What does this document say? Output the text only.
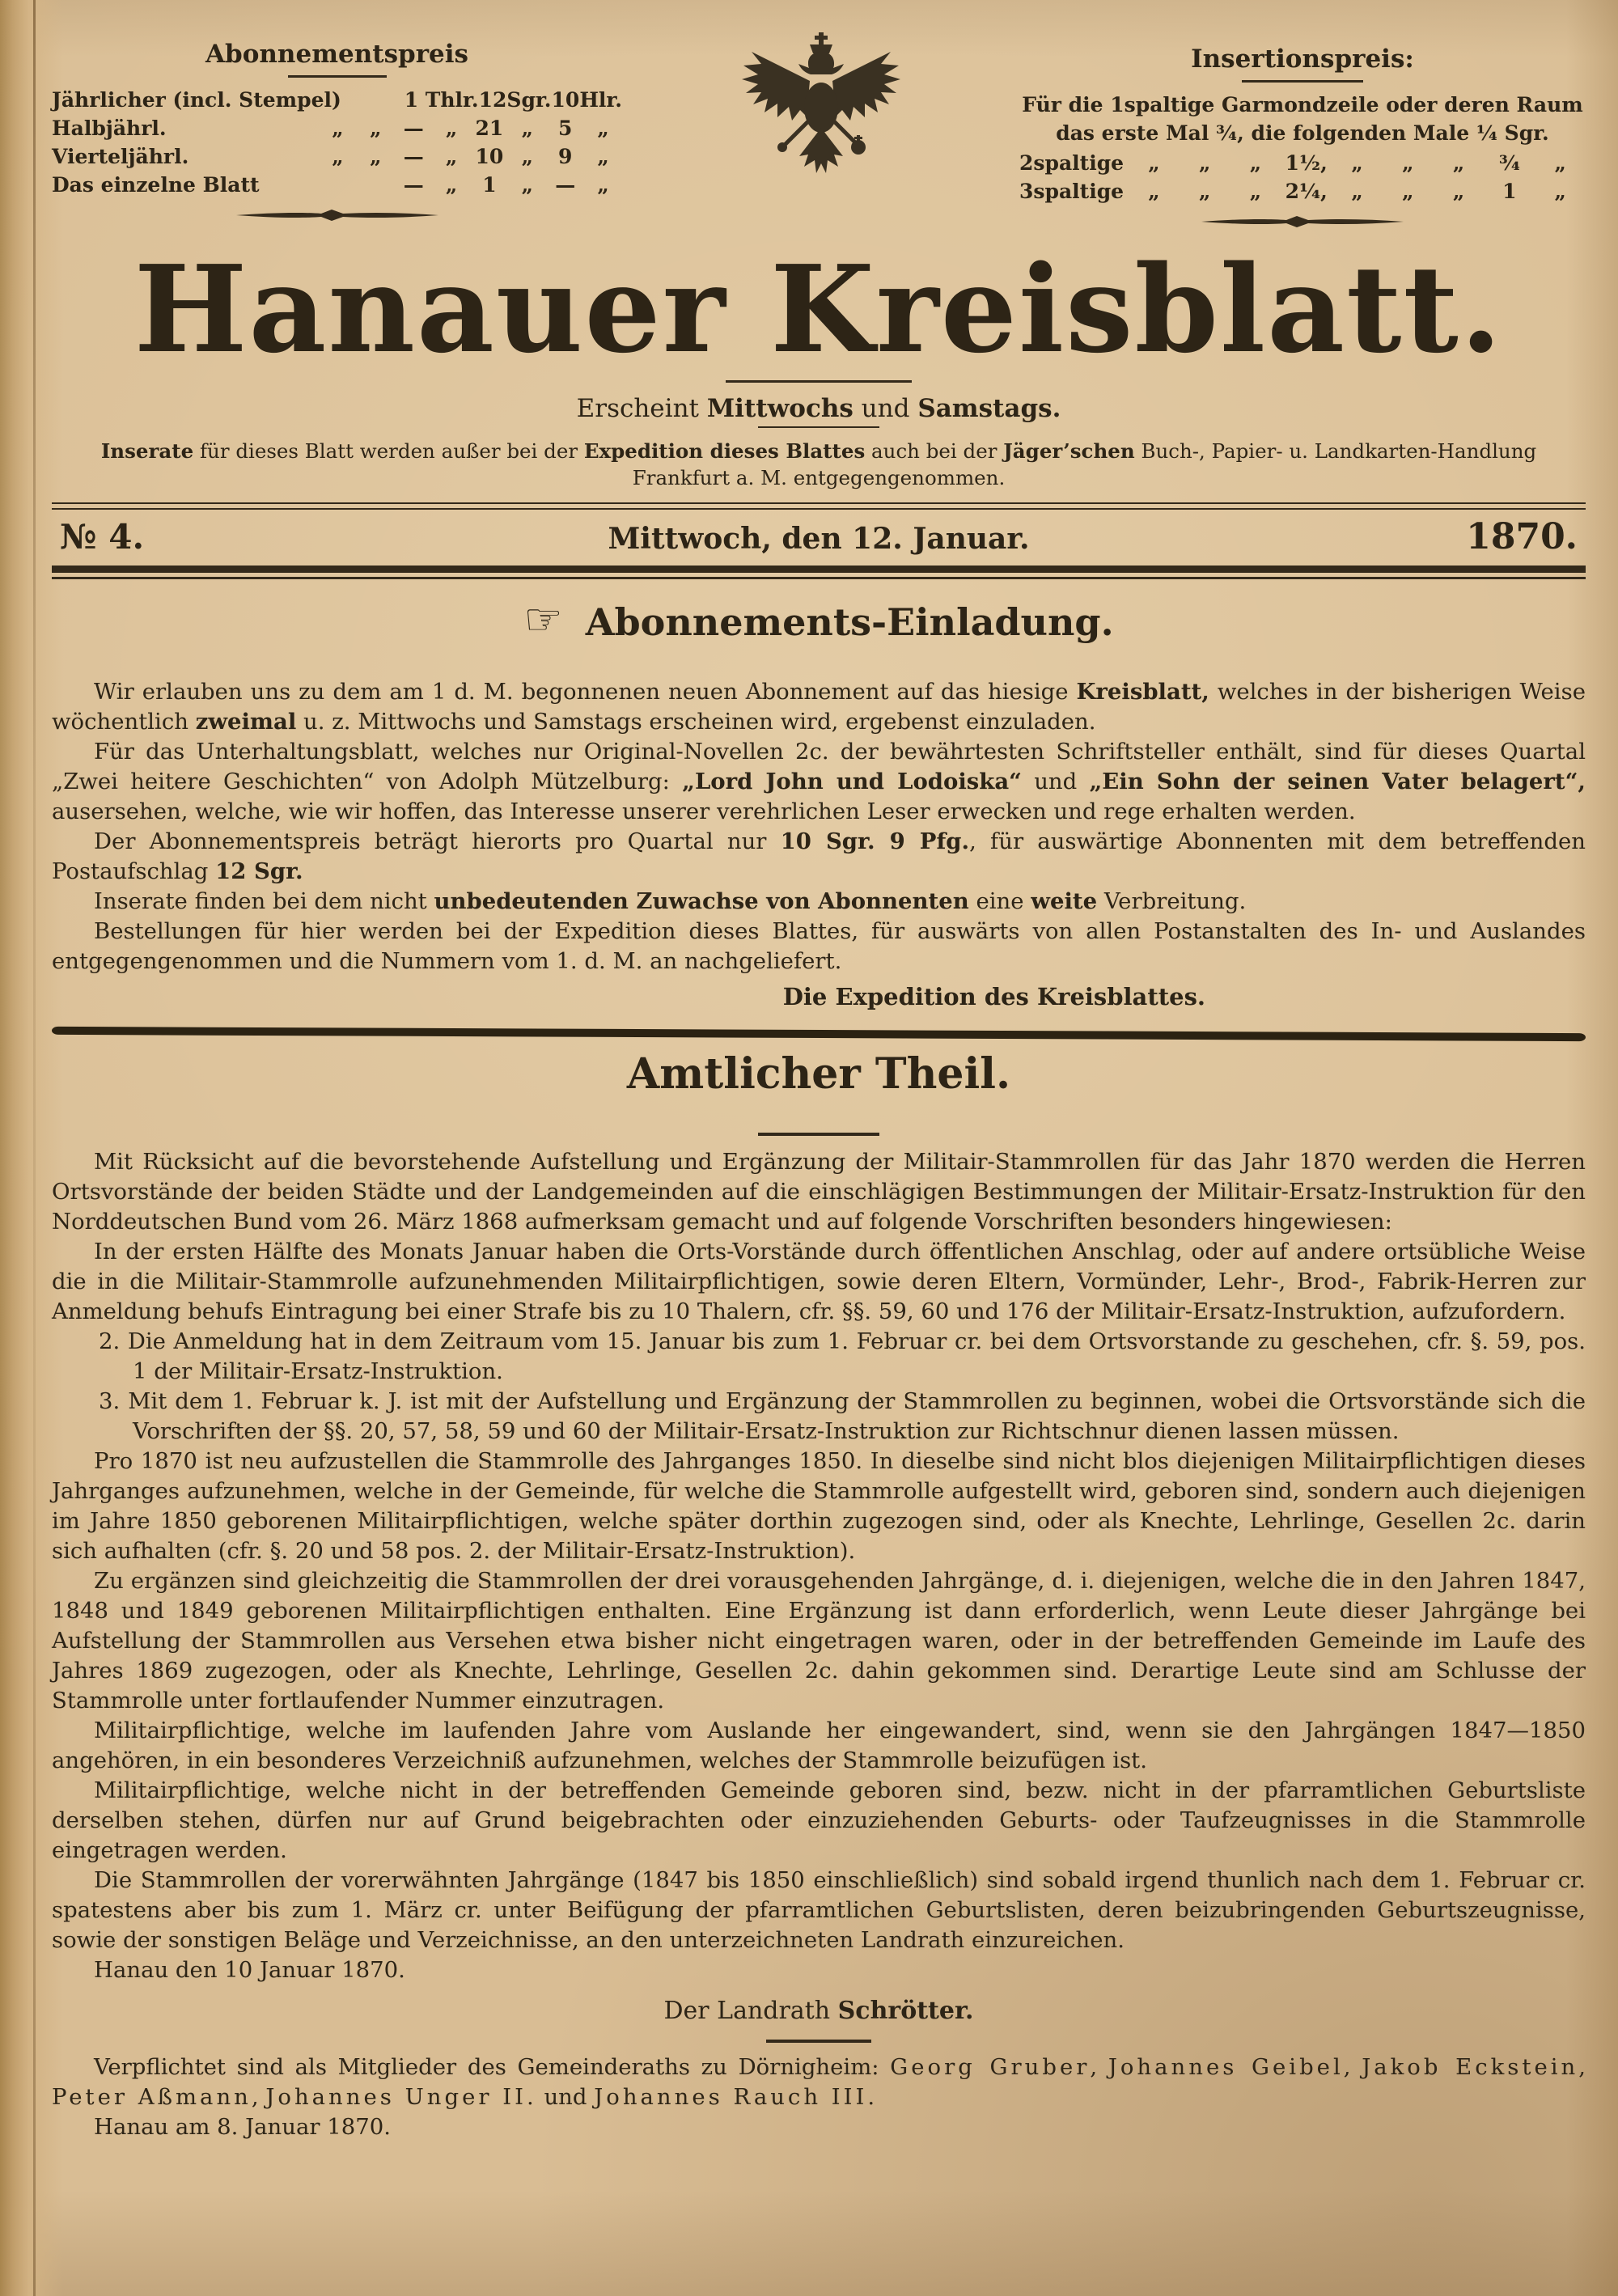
Abonnementspreis
Jährlicher (incl. Stempel)	1 Thlr. 12 Sgr. 10 Hlr.
Halbjährl.	„	„	—	„ 21 „	5	„
Vierteljährl.	„	„	—	„ 10 „	9	„
Das einzelne Blatt	—	„	1	„	—	„
Insertionspreis:
Für die 1spaltige Garmondzeile oder deren Raum
das erste Mal ¾, die folgenden Male ¼ Sgr.
2spaltige	„	„	„	1½,	„	„	„	¾	„
3spaltige	„	„	„	2¼,	„	„	„	1	„
Hanauer Kreisblatt.
Erscheint Mittwochs und Samstags.

Inserate für dieses Blatt werden außer bei der Expedition dieses Blattes auch bei der Jäger’schen Buch-, Papier- u. Landkarten-Handlung Frankfurt a. M. entgegengenommen.

№ 4.	Mittwoch, den 12. Januar.	1870.
☞ Abonnements-Einladung.

Wir erlauben uns zu dem am 1 d. M. begonnenen neuen Abonnement auf das hiesige Kreisblatt, welches in der bisherigen Weise wöchentlich zweimal u. z. Mittwochs und Samstags erscheinen wird, ergebenst einzuladen.

Für das Unterhaltungsblatt, welches nur Original-Novellen 2c. der bewährtesten Schriftsteller enthält, sind für dieses Quartal „Zwei heitere Geschichten“ von Adolph Mützelburg: „Lord John und Lodoiska“ und „Ein Sohn der seinen Vater belagert“, ausersehen, welche, wie wir hoffen, das Interesse unserer verehrlichen Leser erwecken und rege erhalten werden.

Der Abonnementspreis beträgt hierorts pro Quartal nur 10 Sgr. 9 Pfg., für auswärtige Abonnenten mit dem betreffenden Postaufschlag 12 Sgr.

Inserate finden bei dem nicht unbedeutenden Zuwachse von Abonnenten eine weite Verbreitung.

Bestellungen für hier werden bei der Expedition dieses Blattes, für auswärts von allen Postanstalten des In- und Auslandes entgegengenommen und die Nummern vom 1. d. M. an nachgeliefert.

Die Expedition des Kreisblattes.
Amtlicher Theil.

Mit Rücksicht auf die bevorstehende Aufstellung und Ergänzung der Militair-Stammrollen für das Jahr 1870 werden die Herren Ortsvorstände der beiden Städte und der Landgemeinden auf die einschlägigen Bestimmungen der Militair-Ersatz-Instruktion für den Norddeutschen Bund vom 26. März 1868 aufmerksam gemacht und auf folgende Vorschriften besonders hingewiesen:

In der ersten Hälfte des Monats Januar haben die Orts-Vorstände durch öffentlichen Anschlag, oder auf andere ortsübliche Weise die in die Militair-Stammrolle aufzunehmenden Militairpflichtigen, sowie deren Eltern, Vormünder, Lehr-, Brod-, Fabrik-Herren zur Anmeldung behufs Eintragung bei einer Strafe bis zu 10 Thalern, cfr. §§. 59, 60 und 176 der Militair-Ersatz-Instruktion, aufzufordern.

2. Die Anmeldung hat in dem Zeitraum vom 15. Januar bis zum 1. Februar cr. bei dem Ortsvorstande zu geschehen, cfr. §. 59, pos. 1 der Militair-Ersatz-Instruktion.

3. Mit dem 1. Februar k. J. ist mit der Aufstellung und Ergänzung der Stammrollen zu beginnen, wobei die Ortsvorstände sich die Vorschriften der §§. 20, 57, 58, 59 und 60 der Militair-Ersatz-Instruktion zur Richtschnur dienen lassen müssen.

Pro 1870 ist neu aufzustellen die Stammrolle des Jahrganges 1850. In dieselbe sind nicht blos diejenigen Militairpflichtigen dieses Jahrganges aufzunehmen, welche in der Gemeinde, für welche die Stammrolle aufgestellt wird, geboren sind, sondern auch diejenigen im Jahre 1850 geborenen Militairpflichtigen, welche später dorthin zugezogen sind, oder als Knechte, Lehrlinge, Gesellen 2c. darin sich aufhalten (cfr. §. 20 und 58 pos. 2. der Militair-Ersatz-Instruktion).

Zu ergänzen sind gleichzeitig die Stammrollen der drei vorausgehenden Jahrgänge, d. i. diejenigen, welche die in den Jahren 1847, 1848 und 1849 geborenen Militairpflichtigen enthalten. Eine Ergänzung ist dann erforderlich, wenn Leute dieser Jahrgänge bei Aufstellung der Stammrollen aus Versehen etwa bisher nicht eingetragen waren, oder in der betreffenden Gemeinde im Laufe des Jahres 1869 zugezogen, oder als Knechte, Lehrlinge, Gesellen 2c. dahin gekommen sind. Derartige Leute sind am Schlusse der Stammrolle unter fortlaufender Nummer einzutragen.

Militairpflichtige, welche im laufenden Jahre vom Auslande her eingewandert, sind, wenn sie den Jahrgängen 1847—1850 angehören, in ein besonderes Verzeichniß aufzunehmen, welches der Stammrolle beizufügen ist.

Militairpflichtige, welche nicht in der betreffenden Gemeinde geboren sind, bezw. nicht in der pfarramtlichen Geburtsliste derselben stehen, dürfen nur auf Grund beigebrachten oder einzuziehenden Geburts- oder Taufzeugnisses in die Stammrolle eingetragen werden.

Die Stammrollen der vorerwähnten Jahrgänge (1847 bis 1850 einschließlich) sind sobald irgend thunlich nach dem 1. Februar cr. spatestens aber bis zum 1. März cr. unter Beifügung der pfarramtlichen Geburtslisten, deren beizubringenden Geburtszeugnisse, sowie der sonstigen Beläge und Verzeichnisse, an den unterzeichneten Landrath einzureichen.

Hanau den 10 Januar 1870.

Der Landrath Schrötter.

Verpflichtet sind als Mitglieder des Gemeinderaths zu Dörnigheim: Georg Gruber, Johannes Geibel, Jakob Eckstein, Peter Aßmann, Johannes Unger II. und Johannes Rauch III.

Hanau am 8. Januar 1870.
